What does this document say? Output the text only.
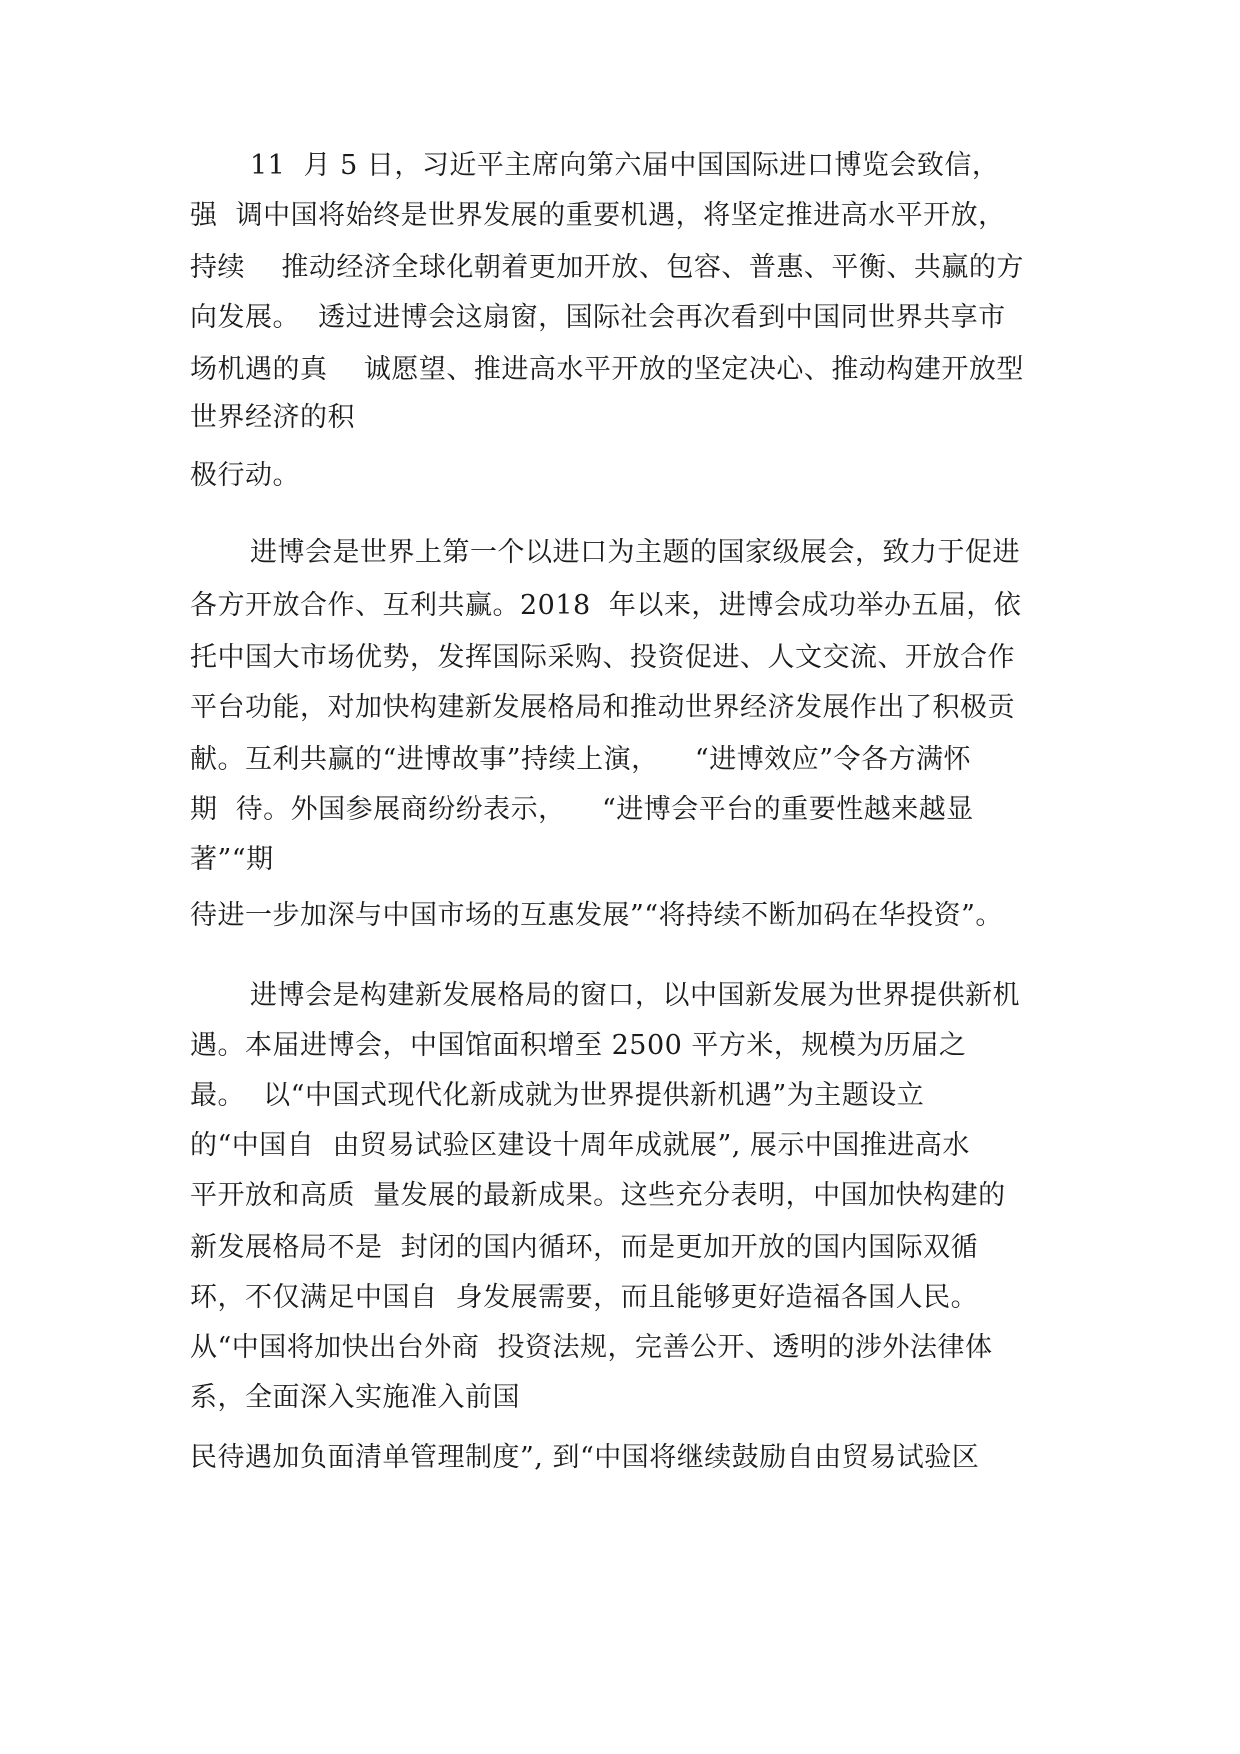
11  月 5 日，习近平主席向第六届中国国际进口博览会致信，
强  调中国将始终是世界发展的重要机遇，将坚定推进高水平开放，
持续    推动经济全球化朝着更加开放、包容、普惠、平衡、共赢的方
向发展。  透过进博会这扇窗，国际社会再次看到中国同世界共享市
场机遇的真    诚愿望、推进高水平开放的坚定决心、推动构建开放型
世界经济的积
极行动。
进博会是世界上第一个以进口为主题的国家级展会，致力于促进
各方开放合作、互利共赢。2018  年以来，进博会成功举办五届，依
托中国大市场优势，发挥国际采购、投资促进、人文交流、开放合作
平台功能，对加快构建新发展格局和推动世界经济发展作出了积极贡
献。互利共赢的“进博故事”持续上演，    “进博效应”令各方满怀
期  待。外国参展商纷纷表示，    “进博会平台的重要性越来越显
著”“期
待进一步加深与中国市场的互惠发展”“将持续不断加码在华投资”。
进博会是构建新发展格局的窗口，以中国新发展为世界提供新机
遇。本届进博会，中国馆面积增至 2500 平方米，规模为历届之
最。  以“中国式现代化新成就为世界提供新机遇”为主题设立
的“中国自  由贸易试验区建设十周年成就展”, 展示中国推进高水
平开放和高质  量发展的最新成果。这些充分表明，中国加快构建的
新发展格局不是  封闭的国内循环，而是更加开放的国内国际双循
环，不仅满足中国自  身发展需要，而且能够更好造福各国人民。
从“中国将加快出台外商  投资法规，完善公开、透明的涉外法律体
系，全面深入实施准入前国
民待遇加负面清单管理制度”, 到“中国将继续鼓励自由贸易试验区
